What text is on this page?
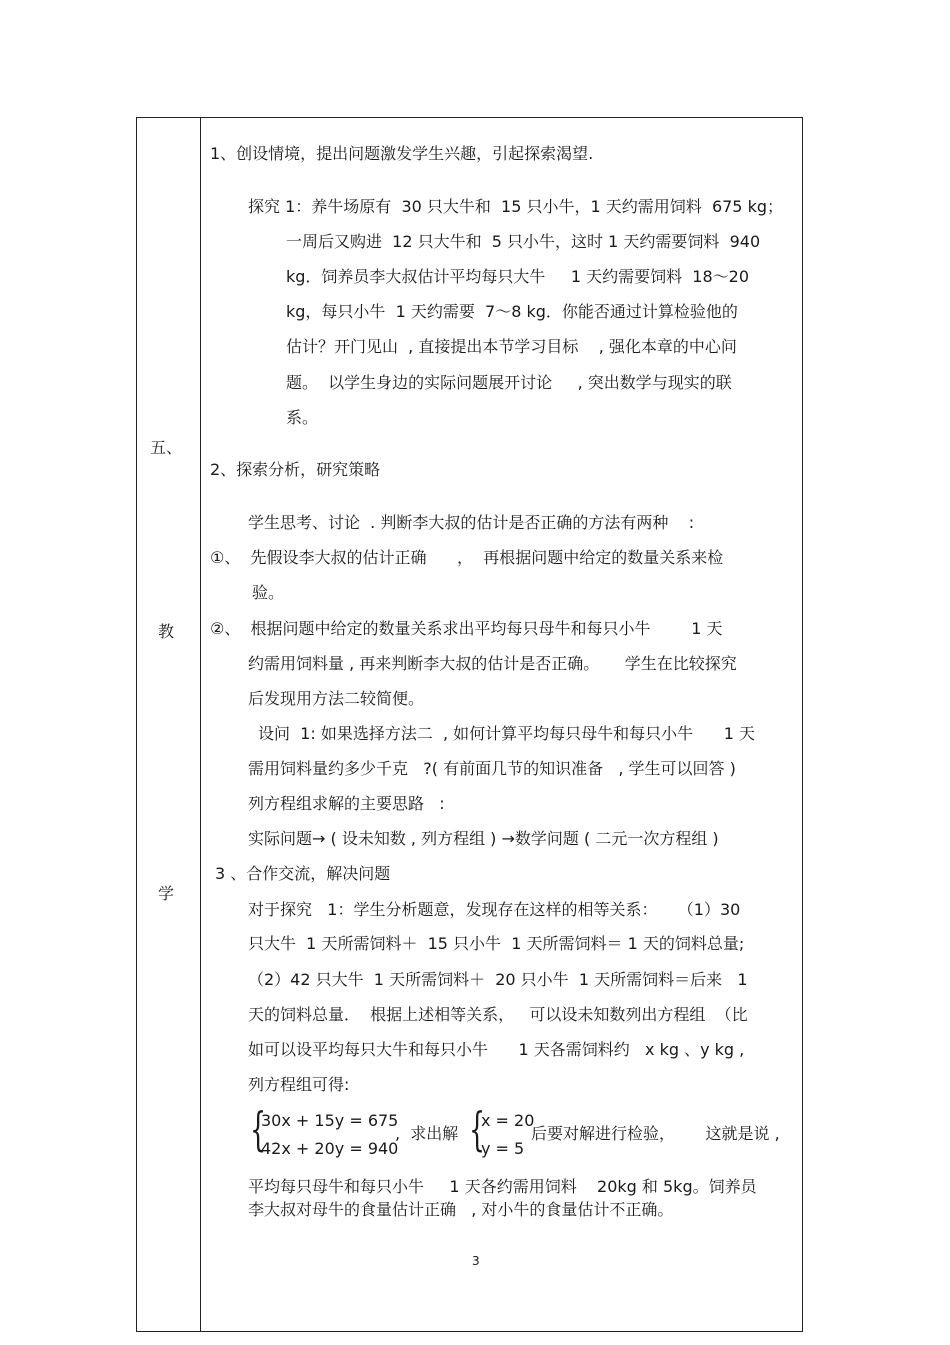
五、
教
学
1、创设情境，提出问题激发学生兴趣，引起探索渴望.
探究 1：养牛场原有  30 只大牛和  15 只小牛，1 天约需用饲料  675 kg；
一周后又购进  12 只大牛和  5 只小牛，这时 1 天约需要饲料  940
kg．饲养员李大叔估计平均每只大牛     1 天约需要饲料  18～20
kg，每只小牛  1 天约需要  7～8 kg．你能否通过计算检验他的
估计？开门见山  , 直接提出本节学习目标    , 强化本章的中心问
题。  以学生身边的实际问题展开讨论     , 突出数学与现实的联
系。
2、探索分析，研究策略
学生思考、讨论  . 判断李大叔的估计是否正确的方法有两种    :
①、  先假设李大叔的估计正确      ，  再根据问题中给定的数量关系来检
验。
②、  根据问题中给定的数量关系求出平均每只母牛和每只小牛        1 天
约需用饲料量 , 再来判断李大叔的估计是否正确。     学生在比较探究
后发现用方法二较简便。
设问  1: 如果选择方法二  , 如何计算平均每只母牛和每只小牛      1 天
需用饲料量约多少千克   ?( 有前面几节的知识准备   , 学生可以回答 )
列方程组求解的主要思路   :
实际问题→ ( 设未知数 , 列方程组 ) →数学问题 ( 二元一次方程组 )
3 、合作交流，解决问题
对于探究   1：学生分析题意，发现存在这样的相等关系：    （1）30
只大牛  1 天所需饲料＋  15 只小牛  1 天所需饲料＝ 1 天的饲料总量;
（2）42 只大牛  1 天所需饲料＋  20 只小牛  1 天所需饲料＝后来   1
天的饲料总量．  根据上述相等关系，   可以设未知数列出方程组  （比
如可以设平均每只大牛和每只小牛      1 天各需饲料约   x kg 、y kg ,
列方程组可得:
{
30x + 15y = 675
42x + 20y = 940
,  求出解 {
x = 20
y = 5
后要对解进行检验，      这就是说 ,
平均每只母牛和每只小牛     1 天各约需用饲料    20kg 和 5kg。饲养员
李大叔对母牛的食量估计正确   , 对小牛的食量估计不正确。
3
